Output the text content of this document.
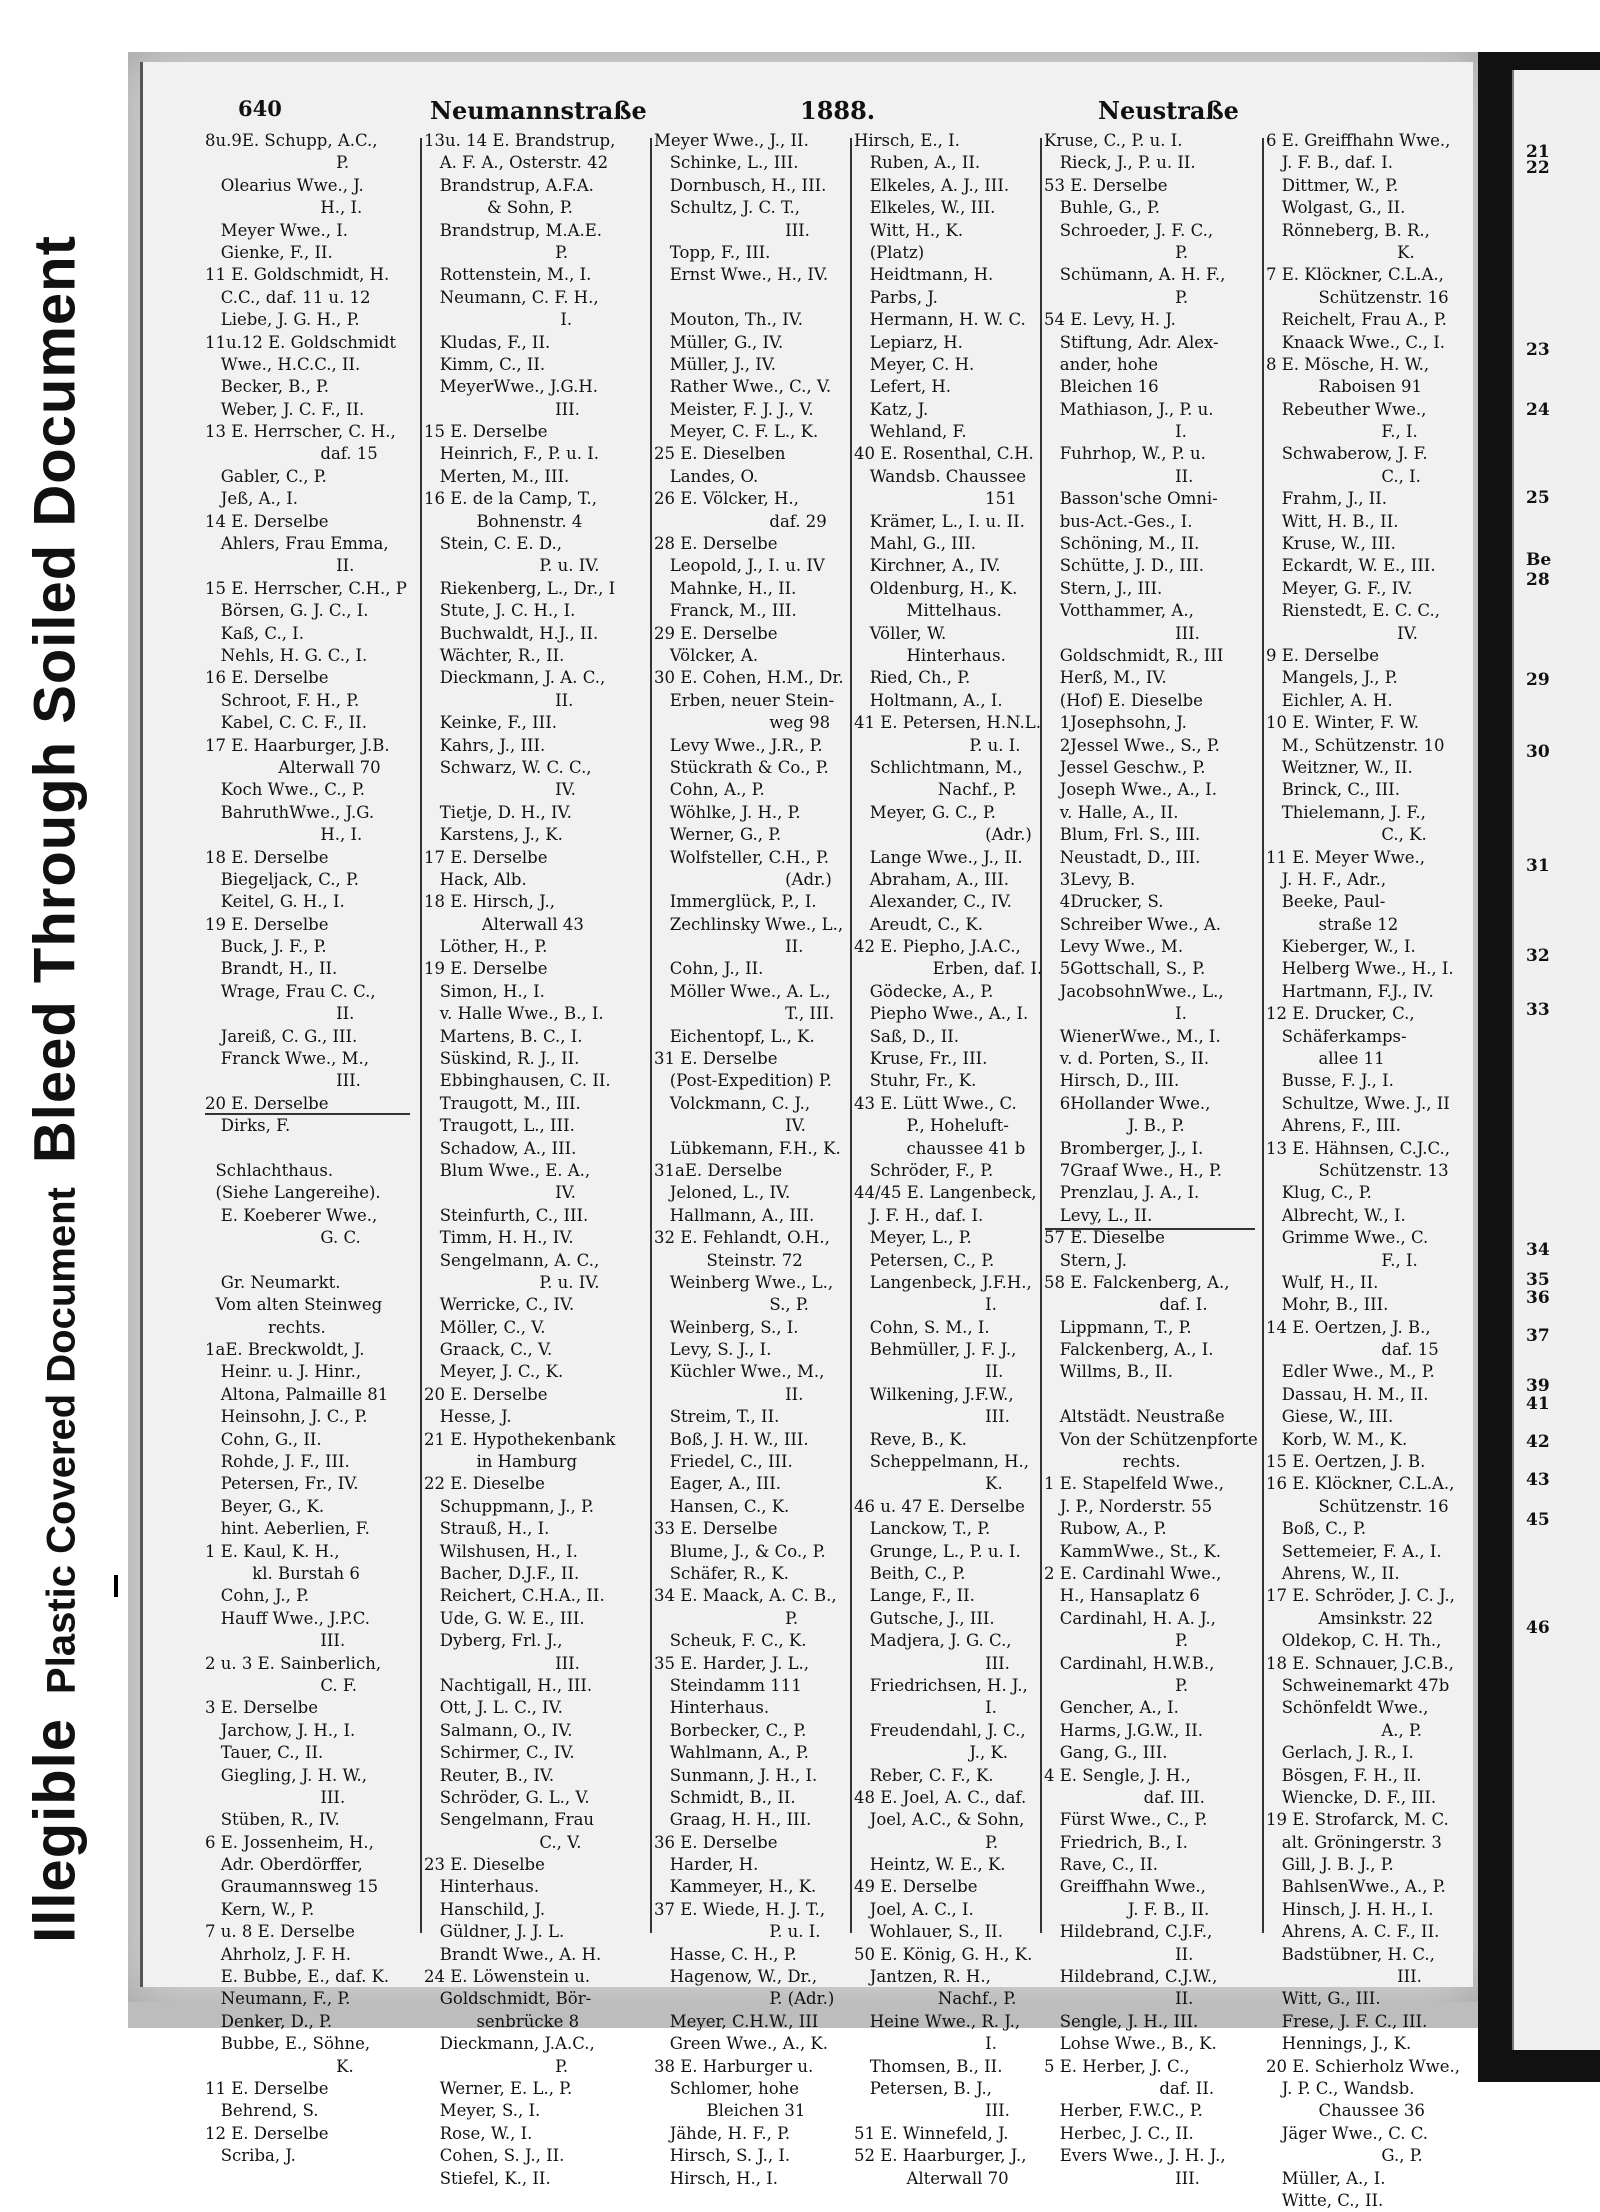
Illegible
Plastic Covered Document
Bleed Through Soiled Document
21
22
23
24
25
Be
28
29
30
31
32
33
34
35
36
37
39
41
42
43
45
46
640	Neumannstraße	1888.	Neustraße
8u.9E. Schupp, A.C.,
P.
Olearius Wwe., J.
H., I.
Meyer Wwe., I.
Gienke, F., II.
11 E. Goldschmidt, H.
C.C., daf. 11 u. 12
Liebe, J. G. H., P.
11u.12 E. Goldschmidt
Wwe., H.C.C., II.
Becker, B., P.
Weber, J. C. F., II.
13 E. Herrscher, C. H.,
daf. 15
Gabler, C., P.
Jeß, A., I.
14 E. Derselbe
Ahlers, Frau Emma,
II.
15 E. Herrscher, C.H., P
Börsen, G. J. C., I.
Kaß, C., I.
Nehls, H. G. C., I.
16 E. Derselbe
Schroot, F. H., P.
Kabel, C. C. F., II.
17 E. Haarburger, J.B.
Alterwall 70
Koch Wwe., C., P.
BahruthWwe., J.G.
H., I.
18 E. Derselbe
Biegeljack, C., P.
Keitel, G. H., I.
19 E. Derselbe
Buck, J. F., P.
Brandt, H., II.
Wrage, Frau C. C.,
II.
Jareiß, C. G., III.
Franck Wwe., M.,
III.
20 E. Derselbe
Dirks, F.
Schlachthaus.
(Siehe Langereihe).
E. Koeberer Wwe.,
G. C.
Gr. Neumarkt.
Vom alten Steinweg
rechts.
1aE. Breckwoldt, J.
Heinr. u. J. Hinr.,
Altona, Palmaille 81
Heinsohn, J. C., P.
Cohn, G., II.
Rohde, J. F., III.
Petersen, Fr., IV.
Beyer, G., K.
hint. Aeberlien, F.
1 E. Kaul, K. H.,
kl. Burstah 6
Cohn, J., P.
Hauff Wwe., J.P.C.
III.
2 u. 3 E. Sainberlich,
C. F.
3 E. Derselbe
Jarchow, J. H., I.
Tauer, C., II.
Giegling, J. H. W.,
III.
Stüben, R., IV.
6 E. Jossenheim, H.,
Adr. Oberdörffer,
Graumannsweg 15
Kern, W., P.
7 u. 8 E. Derselbe
Ahrholz, J. F. H.
E. Bubbe, E., daf. K.
Neumann, F., P.
Denker, D., P.
Bubbe, E., Söhne,
K.
11 E. Derselbe
Behrend, S.
12 E. Derselbe
Scriba, J.
13u. 14 E. Brandstrup,
A. F. A., Osterstr. 42
Brandstrup, A.F.A.
& Sohn, P.
Brandstrup, M.A.E.
P.
Rottenstein, M., I.
Neumann, C. F. H.,
I.
Kludas, F., II.
Kimm, C., II.
MeyerWwe., J.G.H.
III.
15 E. Derselbe
Heinrich, F., P. u. I.
Merten, M., III.
16 E. de la Camp, T.,
Bohnenstr. 4
Stein, C. E. D.,
P. u. IV.
Riekenberg, L., Dr., I
Stute, J. C. H., I.
Buchwaldt, H.J., II.
Wächter, R., II.
Dieckmann, J. A. C.,
II.
Keinke, F., III.
Kahrs, J., III.
Schwarz, W. C. C.,
IV.
Tietje, D. H., IV.
Karstens, J., K.
17 E. Derselbe
Hack, Alb.
18 E. Hirsch, J.,
Alterwall 43
Löther, H., P.
19 E. Derselbe
Simon, H., I.
v. Halle Wwe., B., I.
Martens, B. C., I.
Süskind, R. J., II.
Ebbinghausen, C. II.
Traugott, M., III.
Traugott, L., III.
Schadow, A., III.
Blum Wwe., E. A.,
IV.
Steinfurth, C., III.
Timm, H. H., IV.
Sengelmann, A. C.,
P. u. IV.
Werricke, C., IV.
Möller, C., V.
Graack, C., V.
Meyer, J. C., K.
20 E. Derselbe
Hesse, J.
21 E. Hypothekenbank
in Hamburg
22 E. Dieselbe
Schuppmann, J., P.
Strauß, H., I.
Wilshusen, H., I.
Bacher, D.J.F., II.
Reichert, C.H.A., II.
Ude, G. W. E., III.
Dyberg, Frl. J.,
III.
Nachtigall, H., III.
Ott, J. L. C., IV.
Salmann, O., IV.
Schirmer, C., IV.
Reuter, B., IV.
Schröder, G. L., V.
Sengelmann, Frau
C., V.
23 E. Dieselbe
Hinterhaus.
Hanschild, J.
Güldner, J. J. L.
Brandt Wwe., A. H.
24 E. Löwenstein u.
Goldschmidt, Bör-
senbrücke 8
Dieckmann, J.A.C.,
P.
Werner, E. L., P.
Meyer, S., I.
Rose, W., I.
Cohen, S. J., II.
Stiefel, K., II.
Meyer Wwe., J., II.
Schinke, L., III.
Dornbusch, H., III.
Schultz, J. C. T.,
III.
Topp, F., III.
Ernst Wwe., H., IV.
Mouton, Th., IV.
Müller, G., IV.
Müller, J., IV.
Rather Wwe., C., V.
Meister, F. J. J., V.
Meyer, C. F. L., K.
25 E. Dieselben
Landes, O.
26 E. Völcker, H.,
daf. 29
28 E. Derselbe
Leopold, J., I. u. IV
Mahnke, H., II.
Franck, M., III.
29 E. Derselbe
Völcker, A.
30 E. Cohen, H.M., Dr.
Erben, neuer Stein-
weg 98
Levy Wwe., J.R., P.
Stückrath & Co., P.
Cohn, A., P.
Wöhlke, J. H., P.
Werner, G., P.
Wolfsteller, C.H., P.
(Adr.)
Immerglück, P., I.
Zechlinsky Wwe., L.,
II.
Cohn, J., II.
Möller Wwe., A. L.,
T., III.
Eichentopf, L., K.
31 E. Derselbe
(Post-Expedition) P.
Volckmann, C. J.,
IV.
Lübkemann, F.H., K.
31aE. Derselbe
Jeloned, L., IV.
Hallmann, A., III.
32 E. Fehlandt, O.H.,
Steinstr. 72
Weinberg Wwe., L.,
S., P.
Weinberg, S., I.
Levy, S. J., I.
Küchler Wwe., M.,
II.
Streim, T., II.
Boß, J. H. W., III.
Friedel, C., III.
Eager, A., III.
Hansen, C., K.
33 E. Derselbe
Blume, J., & Co., P.
Schäfer, R., K.
34 E. Maack, A. C. B.,
P.
Scheuk, F. C., K.
35 E. Harder, J. L.,
Steindamm 111
Hinterhaus.
Borbecker, C., P.
Wahlmann, A., P.
Sunmann, J. H., I.
Schmidt, B., II.
Graag, H. H., III.
36 E. Derselbe
Harder, H.
Kammeyer, H., K.
37 E. Wiede, H. J. T.,
P. u. I.
Hasse, C. H., P.
Hagenow, W., Dr.,
P. (Adr.)
Meyer, C.H.W., III
Green Wwe., A., K.
38 E. Harburger u.
Schlomer, hohe
Bleichen 31
Jähde, H. F., P.
Hirsch, S. J., I.
Hirsch, H., I.
Hirsch, E., I.
Ruben, A., II.
Elkeles, A. J., III.
Elkeles, W., III.
Witt, H., K.
(Platz)
Heidtmann, H.
Parbs, J.
Hermann, H. W. C.
Lepiarz, H.
Meyer, C. H.
Lefert, H.
Katz, J.
Wehland, F.
40 E. Rosenthal, C.H.
Wandsb. Chaussee
151
Krämer, L., I. u. II.
Mahl, G., III.
Kirchner, A., IV.
Oldenburg, H., K.
Mittelhaus.
Völler, W.
Hinterhaus.
Ried, Ch., P.
Holtmann, A., I.
41 E. Petersen, H.N.L.
P. u. I.
Schlichtmann, M.,
Nachf., P.
Meyer, G. C., P.
(Adr.)
Lange Wwe., J., II.
Abraham, A., III.
Alexander, C., IV.
Areudt, C., K.
42 E. Piepho, J.A.C.,
Erben, daf. I.
Gödecke, A., P.
Piepho Wwe., A., I.
Saß, D., II.
Kruse, Fr., III.
Stuhr, Fr., K.
43 E. Lütt Wwe., C.
P., Hoheluft-
chaussee 41 b
Schröder, F., P.
44/45 E. Langenbeck,
J. F. H., daf. I.
Meyer, L., P.
Petersen, C., P.
Langenbeck, J.F.H.,
I.
Cohn, S. M., I.
Behmüller, J. F. J.,
II.
Wilkening, J.F.W.,
III.
Reve, B., K.
Scheppelmann, H.,
K.
46 u. 47 E. Derselbe
Lanckow, T., P.
Grunge, L., P. u. I.
Beith, C., P.
Lange, F., II.
Gutsche, J., III.
Madjera, J. G. C.,
III.
Friedrichsen, H. J.,
I.
Freudendahl, J. C.,
J., K.
Reber, C. F., K.
48 E. Joel, A. C., daf.
Joel, A.C., & Sohn,
P.
Heintz, W. E., K.
49 E. Derselbe
Joel, A. C., I.
Wohlauer, S., II.
50 E. König, G. H., K.
Jantzen, R. H.,
Nachf., P.
Heine Wwe., R. J.,
I.
Thomsen, B., II.
Petersen, B. J.,
III.
51 E. Winnefeld, J.
52 E. Haarburger, J.,
Alterwall 70
Kruse, C., P. u. I.
Rieck, J., P. u. II.
53 E. Derselbe
Buhle, G., P.
Schroeder, J. F. C.,
P.
Schümann, A. H. F.,
P.
54 E. Levy, H. J.
Stiftung, Adr. Alex-
ander, hohe
Bleichen 16
Mathiason, J., P. u.
I.
Fuhrhop, W., P. u.
II.
Basson'sche Omni-
bus-Act.-Ges., I.
Schöning, M., II.
Schütte, J. D., III.
Stern, J., III.
Votthammer, A.,
III.
Goldschmidt, R., III
Herß, M., IV.
(Hof) E. Dieselbe
1Josephsohn, J.
2Jessel Wwe., S., P.
Jessel Geschw., P.
Joseph Wwe., A., I.
v. Halle, A., II.
Blum, Frl. S., III.
Neustadt, D., III.
3Levy, B.
4Drucker, S.
Schreiber Wwe., A.
Levy Wwe., M.
5Gottschall, S., P.
JacobsohnWwe., L.,
I.
WienerWwe., M., I.
v. d. Porten, S., II.
Hirsch, D., III.
6Hollander Wwe.,
J. B., P.
Bromberger, J., I.
7Graaf Wwe., H., P.
Prenzlau, J. A., I.
Levy, L., II.
57 E. Dieselbe
Stern, J.
58 E. Falckenberg, A.,
daf. I.
Lippmann, T., P.
Falckenberg, A., I.
Willms, B., II.
Altstädt. Neustraße
Von der Schützenpforte
rechts.
1 E. Stapelfeld Wwe.,
J. P., Norderstr. 55
Rubow, A., P.
KammWwe., St., K.
2 E. Cardinahl Wwe.,
H., Hansaplatz 6
Cardinahl, H. A. J.,
P.
Cardinahl, H.W.B.,
P.
Gencher, A., I.
Harms, J.G.W., II.
Gang, G., III.
4 E. Sengle, J. H.,
daf. III.
Fürst Wwe., C., P.
Friedrich, B., I.
Rave, C., II.
Greiffhahn Wwe.,
J. F. B., II.
Hildebrand, C.J.F.,
II.
Hildebrand, C.J.W.,
II.
Sengle, J. H., III.
Lohse Wwe., B., K.
5 E. Herber, J. C.,
daf. II.
Herber, F.W.C., P.
Herbec, J. C., II.
Evers Wwe., J. H. J.,
III.
6 E. Greiffhahn Wwe.,
J. F. B., daf. I.
Dittmer, W., P.
Wolgast, G., II.
Rönneberg, B. R.,
K.
7 E. Klöckner, C.L.A.,
Schützenstr. 16
Reichelt, Frau A., P.
Knaack Wwe., C., I.
8 E. Mösche, H. W.,
Raboisen 91
Rebeuther Wwe.,
F., I.
Schwaberow, J. F.
C., I.
Frahm, J., II.
Witt, H. B., II.
Kruse, W., III.
Eckardt, W. E., III.
Meyer, G. F., IV.
Rienstedt, E. C. C.,
IV.
9 E. Derselbe
Mangels, J., P.
Eichler, A. H.
10 E. Winter, F. W.
M., Schützenstr. 10
Weitzner, W., II.
Brinck, C., III.
Thielemann, J. F.,
C., K.
11 E. Meyer Wwe.,
J. H. F., Adr.,
Beeke, Paul-
straße 12
Kieberger, W., I.
Helberg Wwe., H., I.
Hartmann, F.J., IV.
12 E. Drucker, C.,
Schäferkamps-
allee 11
Busse, F. J., I.
Schultze, Wwe. J., II
Ahrens, F., III.
13 E. Hähnsen, C.J.C.,
Schützenstr. 13
Klug, C., P.
Albrecht, W., I.
Grimme Wwe., C.
F., I.
Wulf, H., II.
Mohr, B., III.
14 E. Oertzen, J. B.,
daf. 15
Edler Wwe., M., P.
Dassau, H. M., II.
Giese, W., III.
Korb, W. M., K.
15 E. Oertzen, J. B.
16 E. Klöckner, C.L.A.,
Schützenstr. 16
Boß, C., P.
Settemeier, F. A., I.
Ahrens, W., II.
17 E. Schröder, J. C. J.,
Amsinkstr. 22
Oldekop, C. H. Th.,
18 E. Schnauer, J.C.B.,
Schweinemarkt 47b
Schönfeldt Wwe.,
A., P.
Gerlach, J. R., I.
Bösgen, F. H., II.
Wiencke, D. F., III.
19 E. Strofarck, M. C.
alt. Gröningerstr. 3
Gill, J. B. J., P.
BahlsenWwe., A., P.
Hinsch, J. H. H., I.
Ahrens, A. C. F., II.
Badstübner, H. C.,
III.
Witt, G., III.
Frese, J. F. C., III.
Hennings, J., K.
20 E. Schierholz Wwe.,
J. P. C., Wandsb.
Chaussee 36
Jäger Wwe., C. C.
G., P.
Müller, A., I.
Witte, C., II.
